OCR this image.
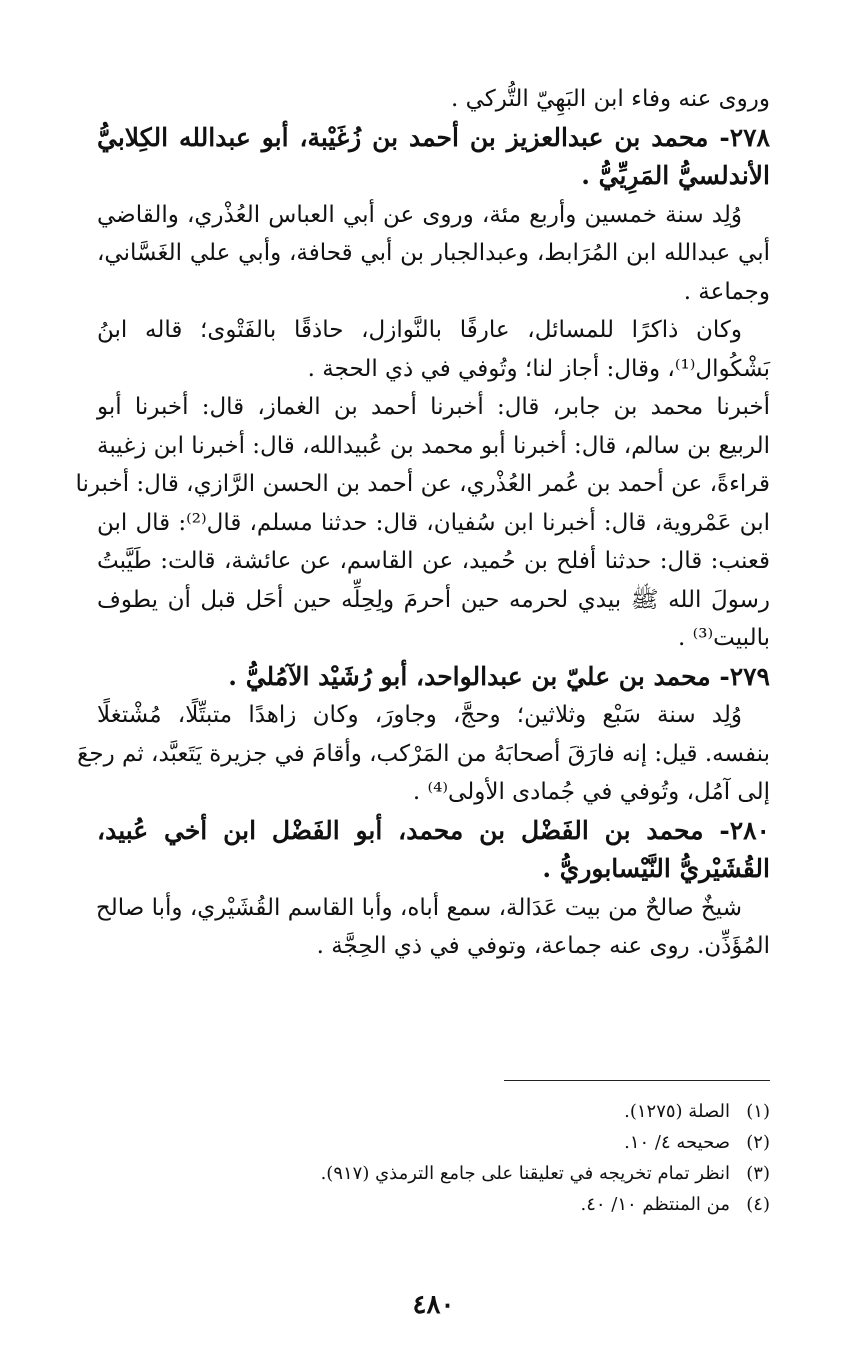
وروى عنه وفاء ابن البَهِيّ التُّركي .
٢٧٨- محمد بن عبدالعزيز بن أحمد بن زُغَيْبة، أبو عبدالله الكِلابيُّ
الأندلسيُّ المَرِيِّيُّ .
وُلِد سنة خمسين وأربع مئة، وروى عن أبي العباس العُذْري، والقاضي
أبي عبدالله ابن المُرَابط، وعبدالجبار بن أبي قحافة، وأبي علي الغَسَّاني،
وجماعة .
وكان ذاكرًا للمسائل، عارفًا بالنَّوازل، حاذقًا بالفَتْوى؛ قاله ابنُ
بَشْكُوال⁽¹⁾، وقال: أجاز لنا؛ وتُوفي في ذي الحجة .
أخبرنا محمد بن جابر، قال: أخبرنا أحمد بن الغماز، قال: أخبرنا أبو
الربيع بن سالم، قال: أخبرنا أبو محمد بن عُبيدالله، قال: أخبرنا ابن زغيبة
قراءةً، عن أحمد بن عُمر العُذْري، عن أحمد بن الحسن الرَّازي، قال: أخبرنا
ابن عَمْروية، قال: أخبرنا ابن سُفيان، قال: حدثنا مسلم، قال⁽²⁾: قال ابن
قعنب: قال: حدثنا أفلح بن حُميد، عن القاسم، عن عائشة، قالت: طَيَّبتُ
رسولَ الله ﷺ بيدي لحرمه حين أحرمَ ولِحِلِّه حين أحَل قبل أن يطوف
بالبيت⁽³⁾ .
٢٧٩- محمد بن عليّ بن عبدالواحد، أبو رُشَيْد الآمُليُّ .
وُلِد سنة سَبْع وثلاثين؛ وحجَّ، وجاورَ، وكان زاهدًا متبتِّلًا، مُشْتغلًا
بنفسه. قيل: إنه فارَقَ أصحابَهُ من المَرْكب، وأقامَ في جزيرة يَتَعبَّد، ثم رجعَ
إلى آمُل، وتُوفي في جُمادى الأولى⁽⁴⁾ .
٢٨٠- محمد بن الفَضْل بن محمد، أبو الفَضْل ابن أخي عُبيد،
القُشَيْريُّ النَّيْسابوريُّ .
شيخٌ صالحٌ من بيت عَدَالة، سمع أباه، وأبا القاسم القُشَيْري، وأبا صالح
المُؤَذِّن. روى عنه جماعة، وتوفي في ذي الحِجَّة .
(١)الصلة (١٢٧٥).
(٢)صحيحه ٤/ ١٠.
(٣)انظر تمام تخريجه في تعليقنا على جامع الترمذي (٩١٧).
(٤)من المنتظم ١٠/ ٤٠.
٤٨٠
